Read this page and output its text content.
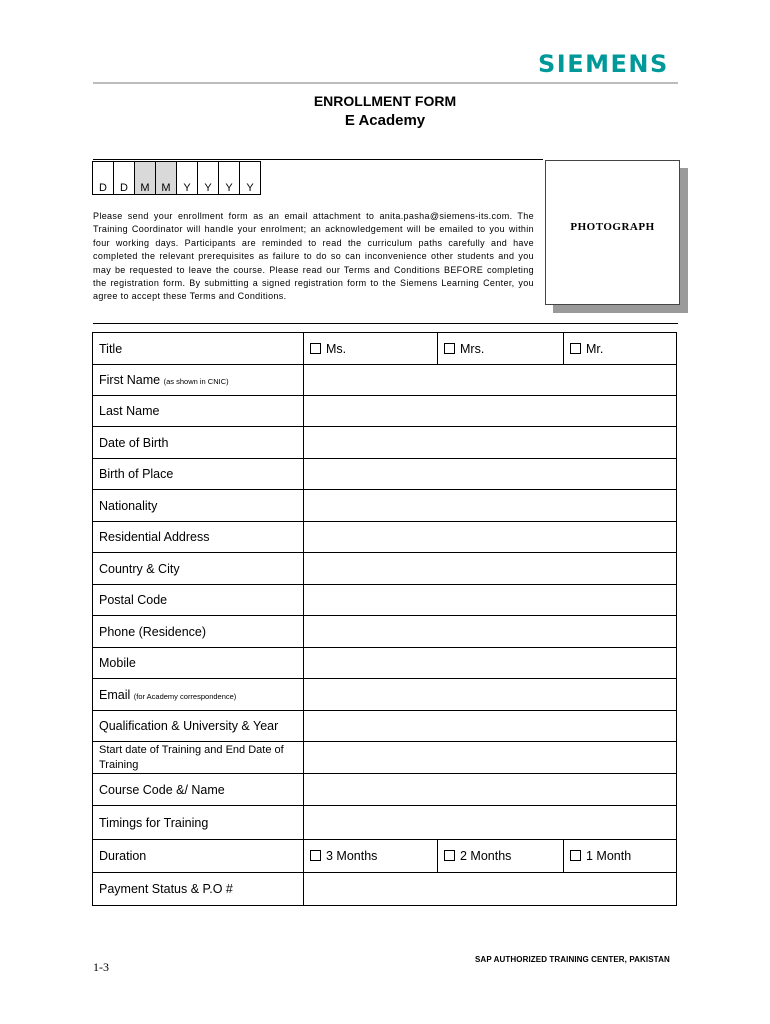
SIEMENS
ENROLLMENT FORM
E Academy

D	D	M	M	Y	Y	Y	Y
Please send your enrollment form as an email attachment to anita.pasha@siemens-its.com. The Training Coordinator will handle your enrolment; an acknowledgement will be emailed to you within four working days. Participants are reminded to read the curriculum paths carefully and have completed the relevant prerequisites as failure to do so can inconvenience other students and you may be requested to leave the course. Please read our Terms and Conditions BEFORE completing the registration form. By submitting a signed registration form to the Siemens Learning Center, you agree to accept these Terms and Conditions.
PHOTOGRAPH
Title	Ms.	Mrs.	Mr.
First Name (as shown in CNIC)			
Last Name			
Date of Birth			
Birth of Place			
Nationality			
Residential Address			
Country & City			
Postal Code			
Phone (Residence)			
Mobile			
Email (for Academy correspondence)			
Qualification & University & Year			
Start date of Training and End Date of Training			
Course Code &/ Name			
Timings for Training			
Duration	3 Months	2 Months	1 Month
Payment Status & P.O #			
1-3
SAP AUTHORIZED TRAINING CENTER, PAKISTAN
